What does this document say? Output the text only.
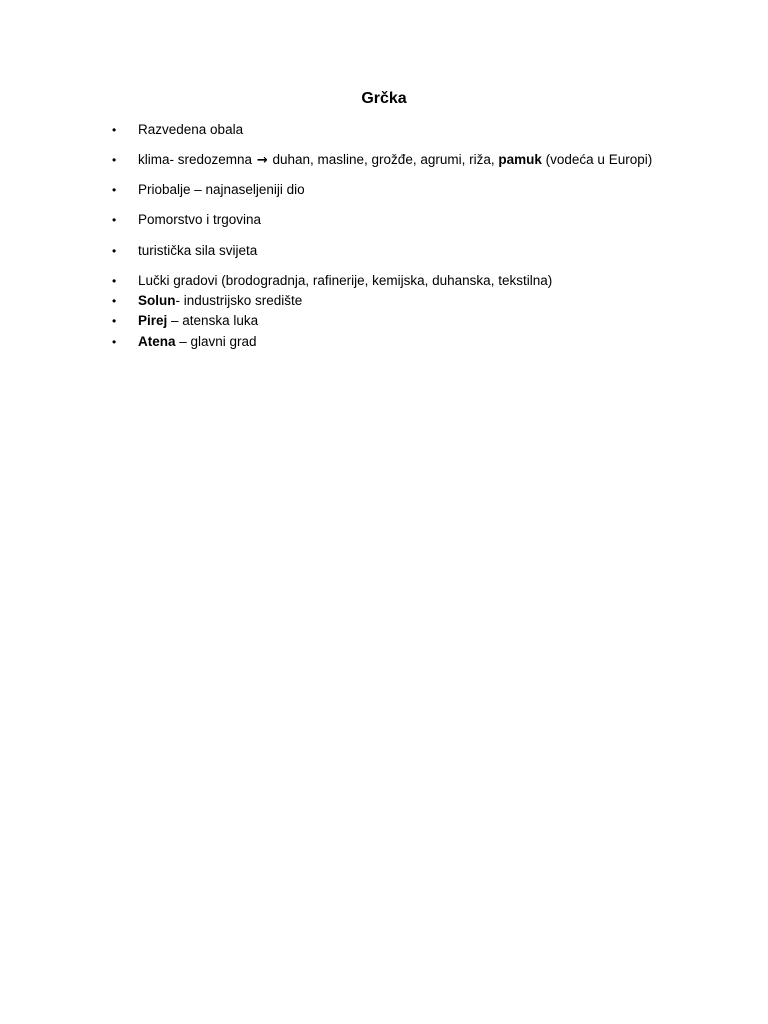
Grčka
•	Razvedena obala
•	klima- sredozemna → duhan, masline, grožđe, agrumi, riža, pamuk (vodeća u Europi)
•	Priobalje – najnaseljeniji dio
•	Pomorstvo i trgovina
•	turistička sila svijeta
•	Lučki gradovi (brodogradnja, rafinerije, kemijska, duhanska, tekstilna)
•	Solun- industrijsko središte
•	Pirej – atenska luka
•	Atena – glavni grad
